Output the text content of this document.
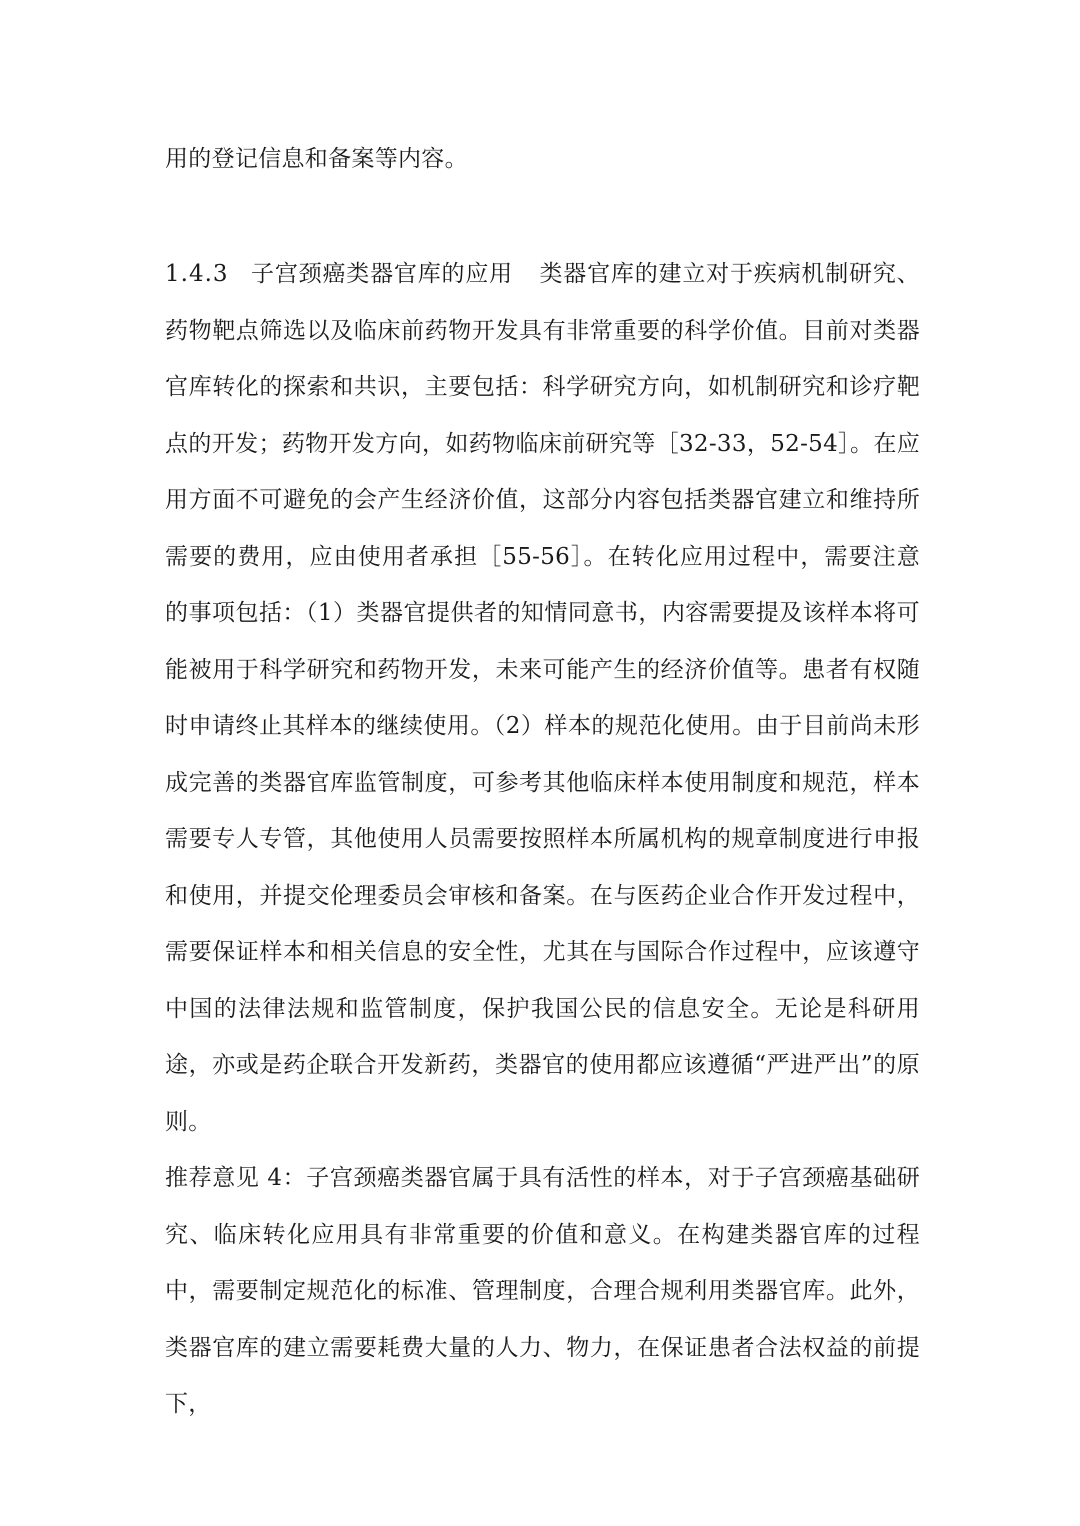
用的登记信息和备案等内容。

1.4.3 子宫颈癌类器官库的应用 类器官库的建立对于疾病机制研究、药物靶点筛选以及临床前药物开发具有非常重要的科学价值。目前对类器官库转化的探索和共识，主要包括：科学研究方向，如机制研究和诊疗靶点的开发；药物开发方向，如药物临床前研究等［32-33，52-54］。在应用方面不可避免的会产生经济价值，这部分内容包括类器官建立和维持所需要的费用，应由使用者承担［55-56］。在转化应用过程中，需要注意的事项包括：（1）类器官提供者的知情同意书，内容需要提及该样本将可能被用于科学研究和药物开发，未来可能产生的经济价值等。患者有权随时申请终止其样本的继续使用。（2）样本的规范化使用。由于目前尚未形成完善的类器官库监管制度，可参考其他临床样本使用制度和规范，样本需要专人专管，其他使用人员需要按照样本所属机构的规章制度进行申报和使用，并提交伦理委员会审核和备案。在与医药企业合作开发过程中，需要保证样本和相关信息的安全性，尤其在与国际合作过程中，应该遵守中国的法律法规和监管制度，保护我国公民的信息安全。无论是科研用途，亦或是药企联合开发新药，类器官的使用都应该遵循“严进严出”的原则。

推荐意见 4：子宫颈癌类器官属于具有活性的样本，对于子宫颈癌基础研究、临床转化应用具有非常重要的价值和意义。在构建类器官库的过程中，需要制定规范化的标准、管理制度，合理合规利用类器官库。此外，类器官库的建立需要耗费大量的人力、物力，在保证患者合法权益的前提下，
